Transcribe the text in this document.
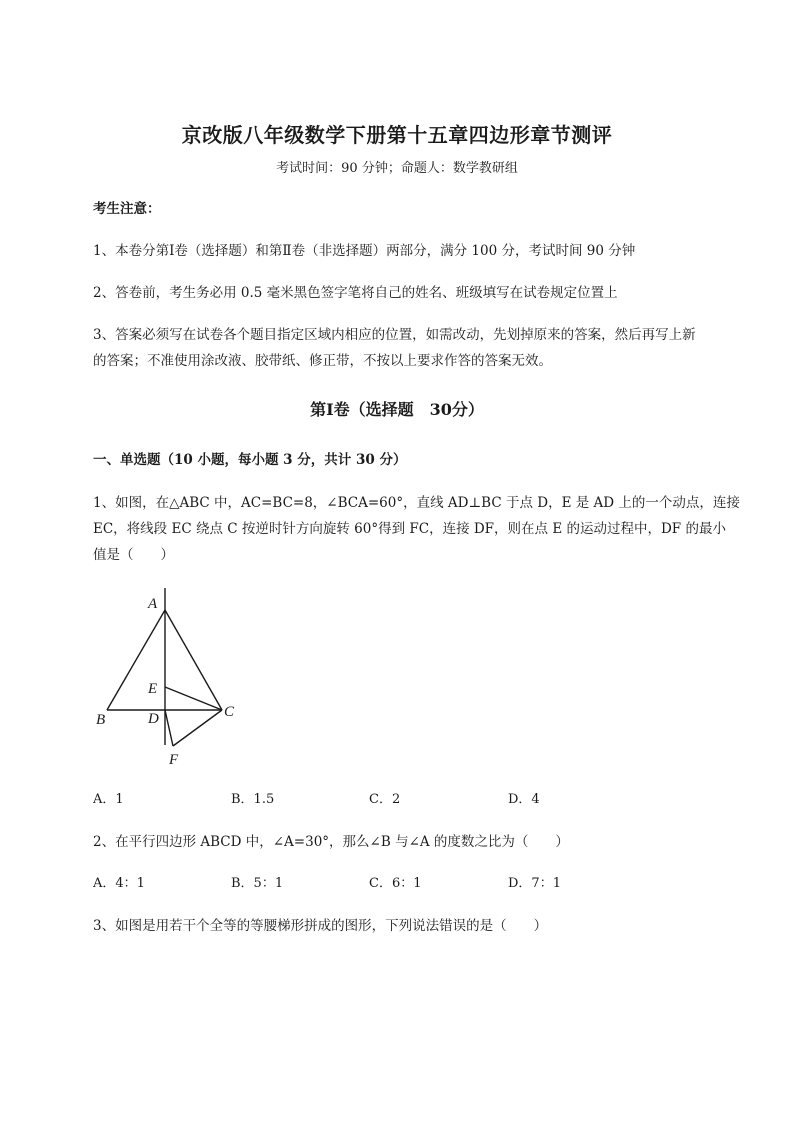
京改版八年级数学下册第十五章四边形章节测评
考试时间：90 分钟；命题人：数学教研组
考生注意：
1、本卷分第Ⅰ卷（选择题）和第Ⅱ卷（非选择题）两部分，满分 100 分，考试时间 90 分钟
2、答卷前，考生务必用 0.5 毫米黑色签字笔将自己的姓名、班级填写在试卷规定位置上
3、答案必须写在试卷各个题目指定区域内相应的位置，如需改动，先划掉原来的答案，然后再写上新
的答案；不准使用涂改液、胶带纸、修正带，不按以上要求作答的答案无效。
第Ⅰ卷（选择题　30分）
一、单选题（10 小题，每小题 3 分，共计 30 分）
1、如图，在△ABC 中，AC=BC=8，∠BCA=60°，直线 AD⊥BC 于点 D，E 是 AD 上的一个动点，连接
EC，将线段 EC 绕点 C 按逆时针方向旋转 60°得到 FC，连接 DF，则在点 E 的运动过程中，DF 的最小
值是（　　）
A
B	C
D
E
F
A．1	B．1.5	C．2	D．4
2、在平行四边形 ABCD 中，∠A=30°，那么∠B 与∠A 的度数之比为（　　）
A．4：1	B．5：1	C．6：1	D．7：1
3、如图是用若干个全等的等腰梯形拼成的图形，下列说法错误的是（　　）
